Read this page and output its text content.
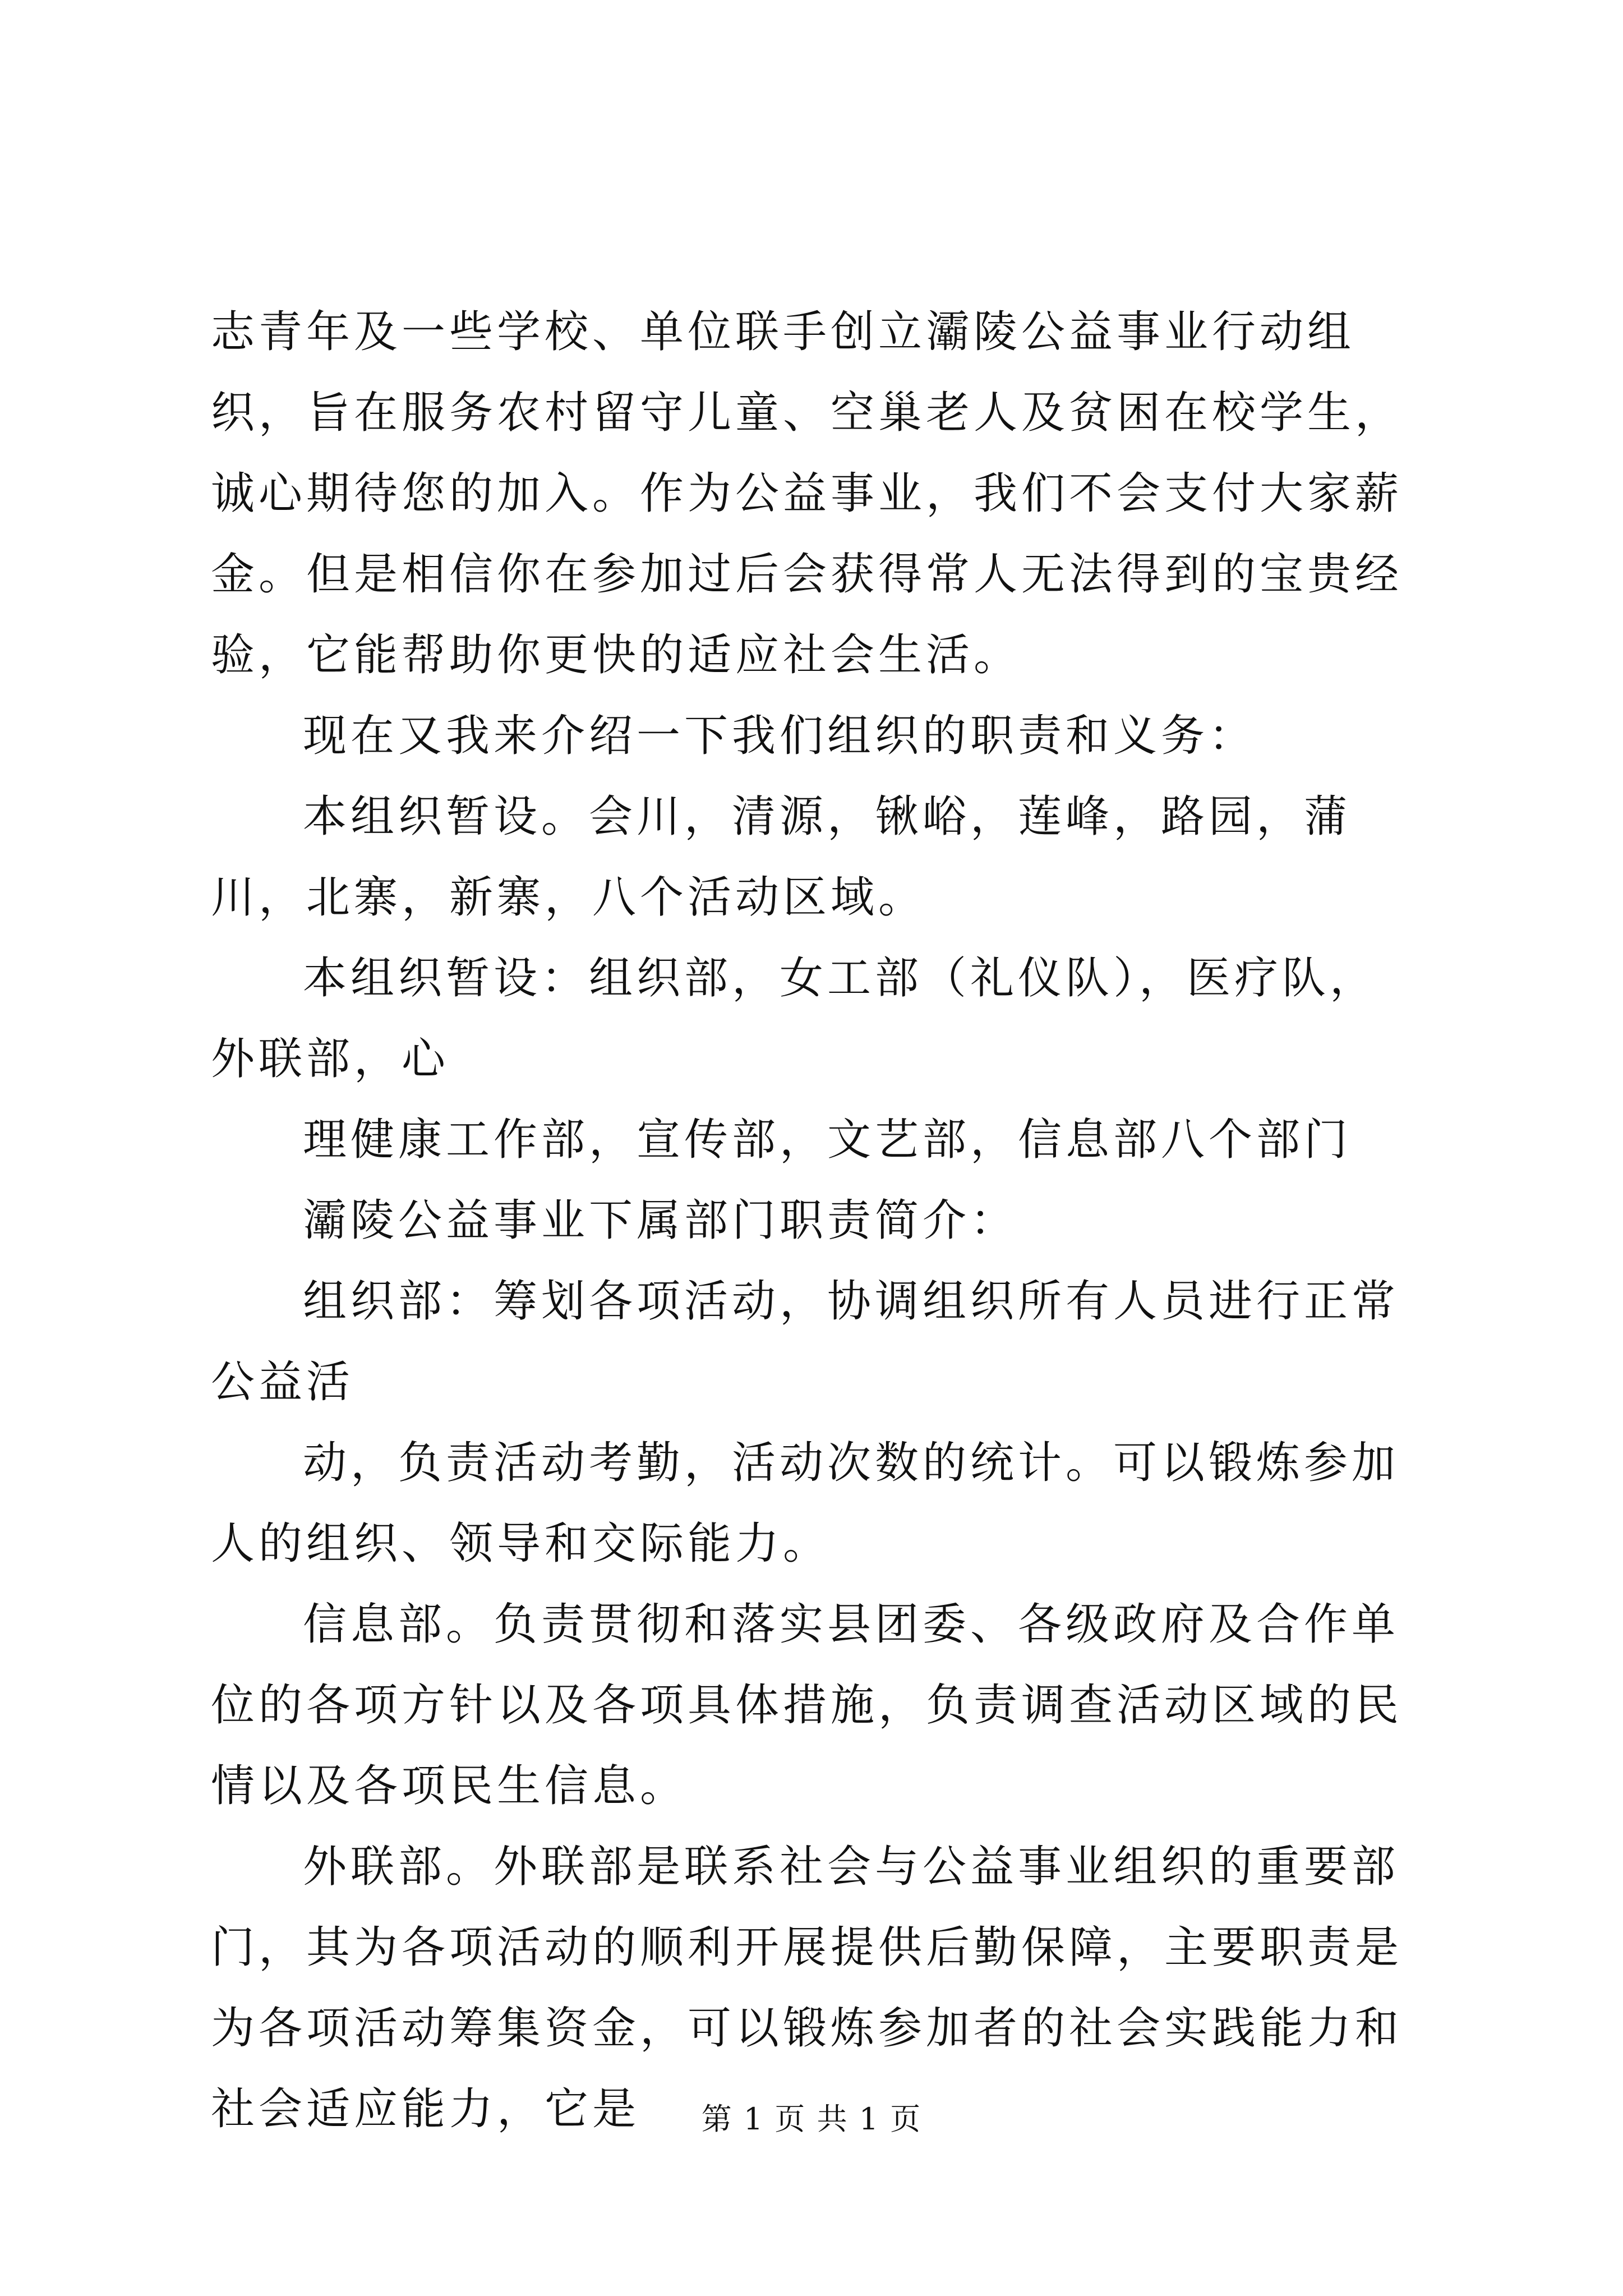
志青年及一些学校、单位联手创立灞陵公益事业行动组织，旨在服务农村留守儿童、空巢老人及贫困在校学生，诚心期待您的加入。作为公益事业，我们不会支付大家薪金。但是相信你在参加过后会获得常人无法得到的宝贵经验，它能帮助你更快的适应社会生活。

现在又我来介绍一下我们组织的职责和义务：

本组织暂设。会川，清源，锹峪，莲峰，路园，蒲川，北寨，新寨，八个活动区域。

本组织暂设：组织部，女工部（礼仪队），医疗队，外联部，心

理健康工作部，宣传部，文艺部，信息部八个部门

灞陵公益事业下属部门职责简介：

组织部：筹划各项活动，协调组织所有人员进行正常公益活

动，负责活动考勤，活动次数的统计。可以锻炼参加人的组织、领导和交际能力。

信息部。负责贯彻和落实县团委、各级政府及合作单位的各项方针以及各项具体措施，负责调查活动区域的民情以及各项民生信息。

外联部。外联部是联系社会与公益事业组织的重要部门，其为各项活动的顺利开展提供后勤保障，主要职责是为各项活动筹集资金，可以锻炼参加者的社会实践能力和社会适应能力，它是	第 1 页 共 1 页
